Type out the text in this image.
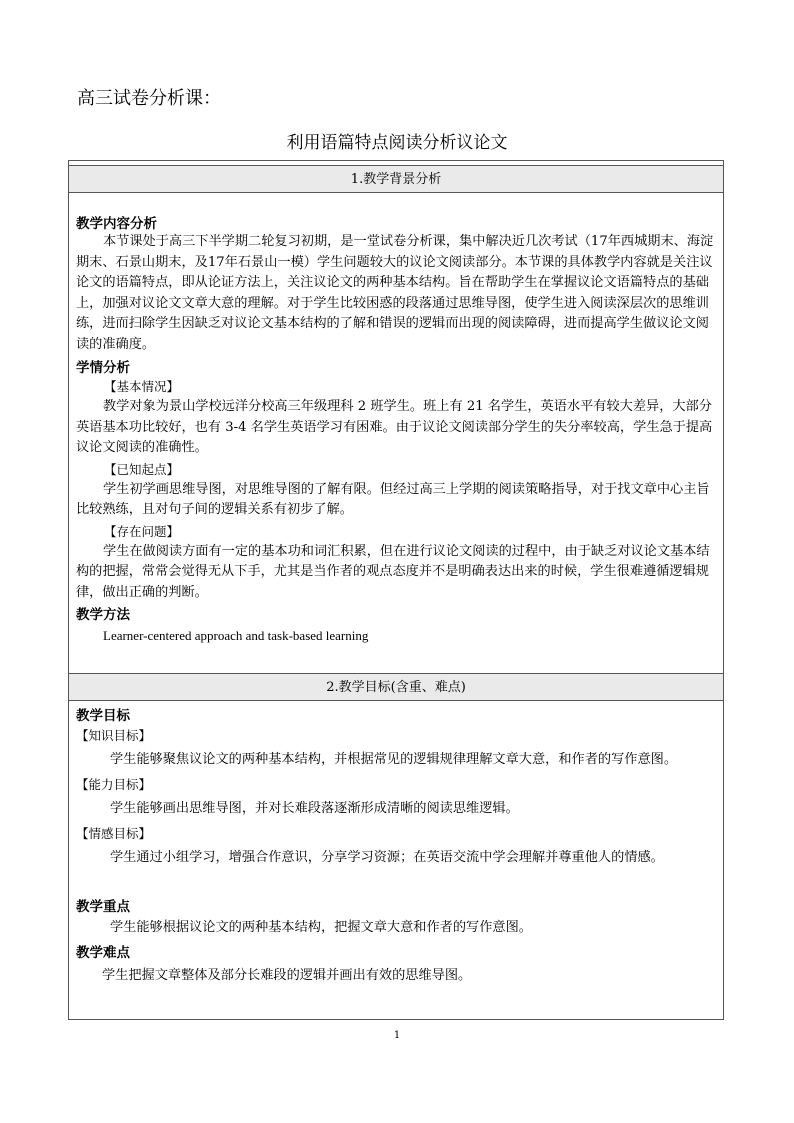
高三试卷分析课：
利用语篇特点阅读分析议论文
1.教学背景分析
教学内容分析

本节课处于高三下半学期二轮复习初期，是一堂试卷分析课，集中解决近几次考试（17年西城期末、海淀期末、石景山期末，及17年石景山一模）学生问题较大的议论文阅读部分。本节课的具体教学内容就是关注议论文的语篇特点，即从论证方法上，关注议论文的两种基本结构。旨在帮助学生在掌握议论文语篇特点的基础上，加强对议论文文章大意的理解。对于学生比较困惑的段落通过思维导图，使学生进入阅读深层次的思维训练，进而扫除学生因缺乏对议论文基本结构的了解和错误的逻辑而出现的阅读障碍，进而提高学生做议论文阅读的准确度。

学情分析
【基本情况】

教学对象为景山学校远洋分校高三年级理科 2 班学生。班上有 21 名学生，英语水平有较大差异，大部分英语基本功比较好，也有 3-4 名学生英语学习有困难。由于议论文阅读部分学生的失分率较高，学生急于提高议论文阅读的准确性。

【已知起点】

学生初学画思维导图，对思维导图的了解有限。但经过高三上学期的阅读策略指导，对于找文章中心主旨比较熟练，且对句子间的逻辑关系有初步了解。

【存在问题】

学生在做阅读方面有一定的基本功和词汇积累，但在进行议论文阅读的过程中，由于缺乏对议论文基本结构的把握，常常会觉得无从下手，尤其是当作者的观点态度并不是明确表达出来的时候，学生很难遵循逻辑规律，做出正确的判断。

教学方法

Learner-centered approach and task-based learning

2.教学目标(含重、难点)
教学目标
【知识目标】
学生能够聚焦议论文的两种基本结构，并根据常见的逻辑规律理解文章大意，和作者的写作意图。
【能力目标】
学生能够画出思维导图，并对长难段落逐渐形成清晰的阅读思维逻辑。
【情感目标】
学生通过小组学习，增强合作意识，分享学习资源；在英语交流中学会理解并尊重他人的情感。
教学重点
学生能够根据议论文的两种基本结构，把握文章大意和作者的写作意图。
教学难点
学生把握文章整体及部分长难段的逻辑并画出有效的思维导图。
1
